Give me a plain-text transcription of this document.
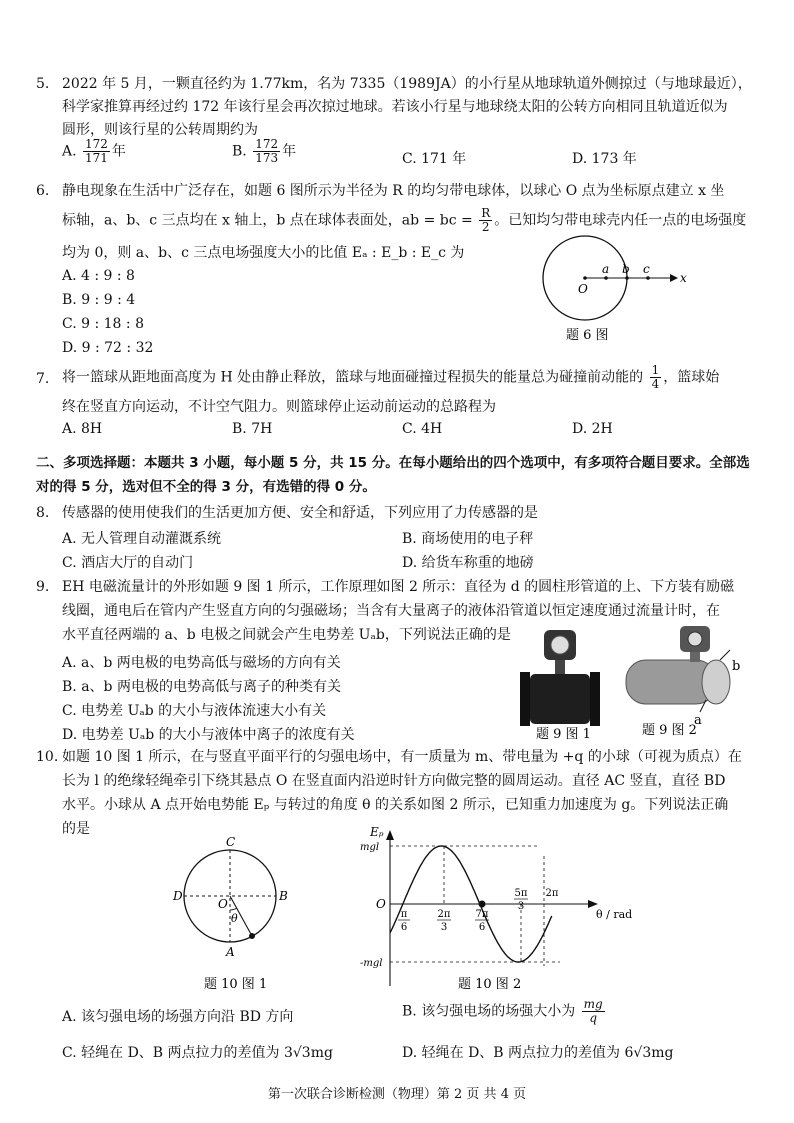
5. 2022 年 5 月，一颗直径约为 1.77km，名为 7335（1989JA）的小行星从地球轨道外侧掠过（与地球最近），
科学家推算再经过约 172 年该行星会再次掠过地球。若该小行星与地球绕太阳的公转方向相同且轨道近似为
圆形，则该行星的公转周期约为
A. $\frac{172}{171}$ 年	B. $\frac{172}{173}$ 年	C. 171 年	D. 173 年
6. 静电现象在生活中广泛存在，如题 6 图所示为半径为 R 的均匀带电球体，以球心 O 点为坐标原点建立 x 坐
标轴，a、b、c 三点均在 x 轴上，b 点在球体表面处，ab = bc = $\frac{R}{2}$ 。已知均匀带电球壳内任一点的电场强度
均为 0，则 a、b、c 三点电场强度大小的比值 Eₐ : E_b : E_c 为
A. 4 : 9 : 8
B. 9 : 9 : 4
C. 9 : 18 : 8
D. 9 : 72 : 32
O
a b c
x
题 6 图
7. 将一篮球从距地面高度为 H 处由静止释放，篮球与地面碰撞过程损失的能量总为碰撞前动能的 $\frac{1}{4}$ ，篮球始
终在竖直方向运动，不计空气阻力。则篮球停止运动前运动的总路程为
A. 8H	B. 7H	C. 4H	D. 2H
二、多项选择题：本题共 3 小题，每小题 5 分，共 15 分。在每小题给出的四个选项中，有多项符合题目要求。全部选
对的得 5 分，选对但不全的得 3 分，有选错的得 0 分。
8. 传感器的使用使我们的生活更加方便、安全和舒适，下列应用了力传感器的是
A. 无人管理自动灌溉系统	B. 商场使用的电子秤
C. 酒店大厅的自动门	D. 给货车称重的地磅
9. EH 电磁流量计的外形如题 9 图 1 所示，工作原理如图 2 所示：直径为 d 的圆柱形管道的上、下方装有励磁
线圈，通电后在管内产生竖直方向的匀强磁场；当含有大量离子的液体沿管道以恒定速度通过流量计时，在
水平直径两端的 a、b 电极之间就会产生电势差 Uₐb，下列说法正确的是
A. a、b 两电极的电势高低与磁场的方向有关
B. a、b 两电极的电势高低与离子的种类有关
C. 电势差 Uₐb 的大小与液体流速大小有关
D. 电势差 Uₐb 的大小与液体中离子的浓度有关	题 9 图 1
b
a
题 9 图 2
10. 如题 10 图 1 所示，在与竖直平面平行的匀强电场中，有一质量为 m、带电量为 +q 的小球（可视为质点）在
长为 l 的绝缘轻绳牵引下绕其悬点 O 在竖直面内沿逆时针方向做完整的圆周运动。直径 AC 竖直，直径 BD
水平。小球从 A 点开始电势能 Eₚ 与转过的角度 θ 的关系如图 2 所示，已知重力加速度为 g。下列说法正确
的是
C
D	B
A
O
θ
题 10 图 1
Eₚ
θ / rad
O
mgl
-mgl
π
6
2π
3
7π
6
5π
3
2π
题 10 图 2
A. 该匀强电场的场强方向沿 BD 方向	B. 该匀强电场的场强大小为 $\frac{mg}{q}$
C. 轻绳在 D、B 两点拉力的差值为 3√3mg	D. 轻绳在 D、B 两点拉力的差值为 6√3mg
第一次联合诊断检测（物理）第 2 页 共 4 页
